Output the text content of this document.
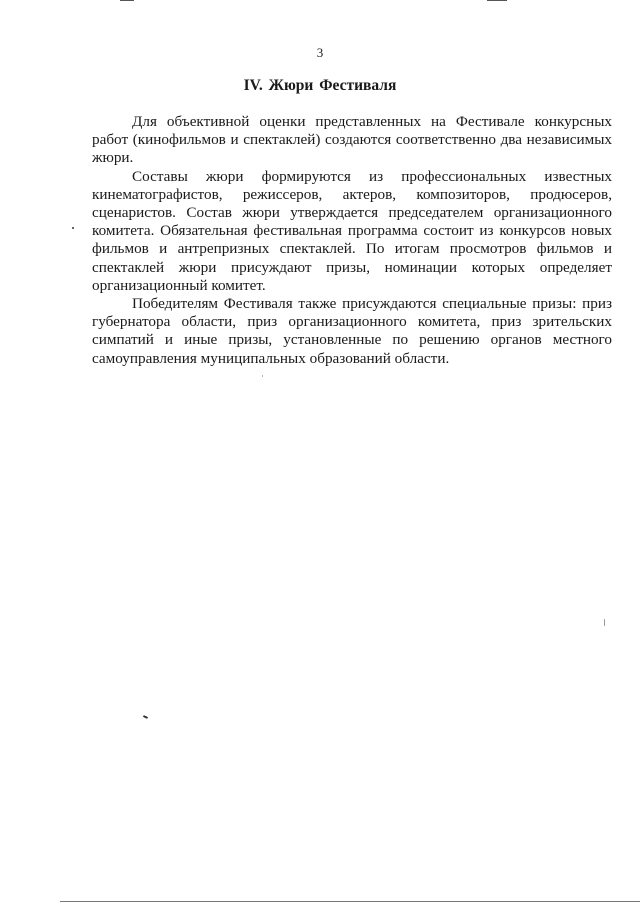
3
IV. Жюри Фестиваля

Для объективной оценки представленных на Фестивале конкурсных работ (кинофильмов и спектаклей) создаются соответственно два независимых жюри.

Составы жюри формируются из профессиональных известных кинематографистов, режиссеров, актеров, композиторов, продюсеров, сценаристов. Состав жюри утверждается председателем организационного комитета. Обязательная фестивальная программа состоит из конкурсов новых фильмов и антрепризных спектаклей. По итогам просмотров фильмов и спектаклей жюри присуждают призы, номинации которых определяет организационный комитет.

Победителям Фестиваля также присуждаются специальные призы: приз губернатора области, приз организационного комитета, приз зрительских симпатий и иные призы, установленные по решению органов местного самоуправления муниципальных образований области.
